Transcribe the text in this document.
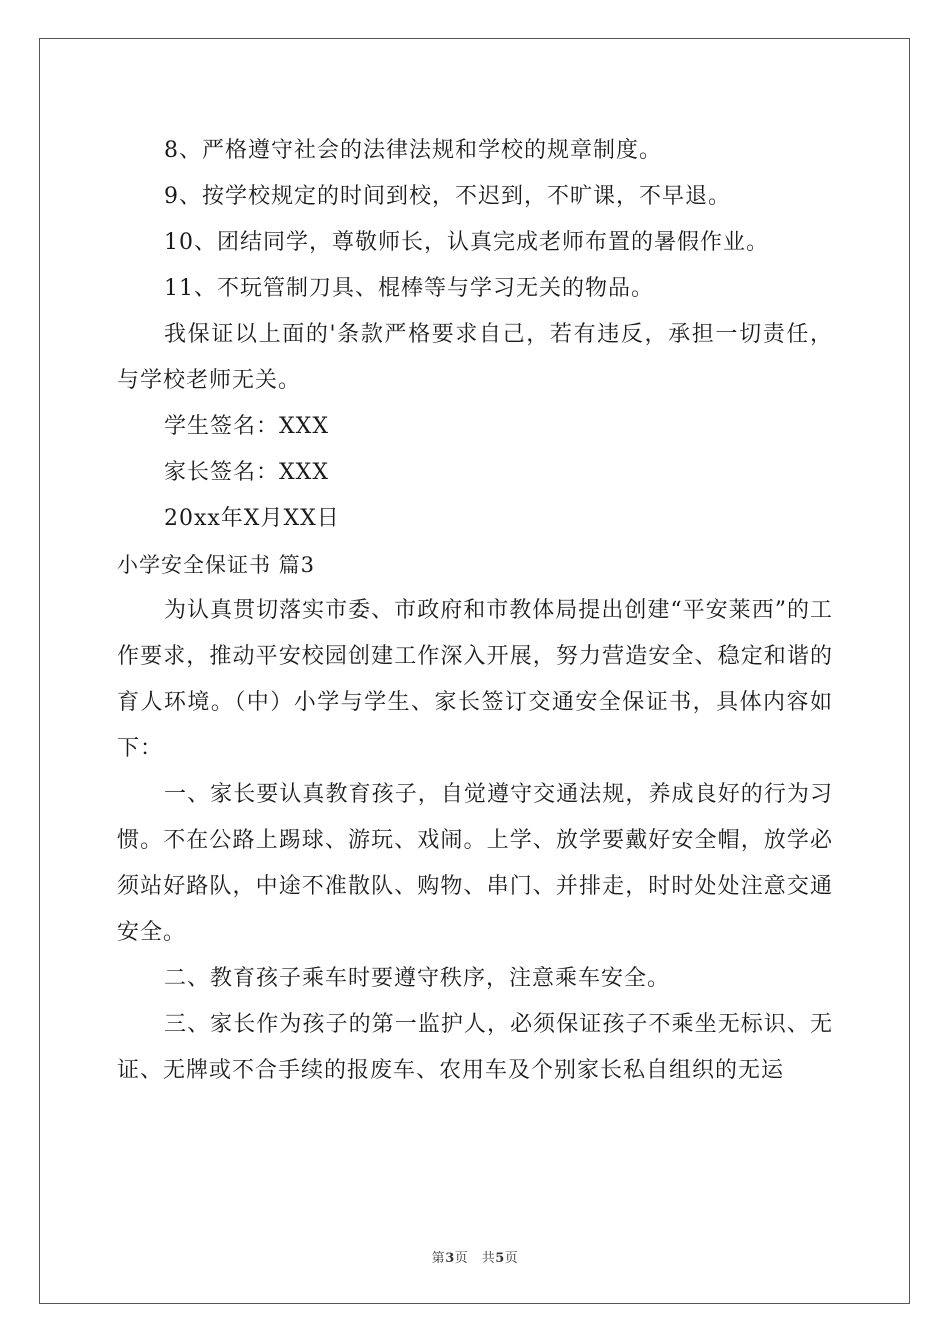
8、严格遵守社会的法律法规和学校的规章制度。

9、按学校规定的时间到校，不迟到，不旷课，不早退。

10、团结同学，尊敬师长，认真完成老师布置的暑假作业。

11、不玩管制刀具、棍棒等与学习无关的物品。

我保证以上面的'条款严格要求自己，若有违反，承担一切责任，与学校老师无关。

学生签名：XXX

家长签名：XXX

20xx年X月XX日

小学安全保证书 篇3

为认真贯切落实市委、市政府和市教体局提出创建“平安莱西”的工作要求，推动平安校园创建工作深入开展，努力营造安全、稳定和谐的育人环境。（中）小学与学生、家长签订交通安全保证书，具体内容如下：

一、家长要认真教育孩子，自觉遵守交通法规，养成良好的行为习惯。不在公路上踢球、游玩、戏闹。上学、放学要戴好安全帽，放学必须站好路队，中途不准散队、购物、串门、并排走，时时处处注意交通安全。

二、教育孩子乘车时要遵守秩序，注意乘车安全。

三、家长作为孩子的第一监护人，必须保证孩子不乘坐无标识、无证、无牌或不合手续的报废车、农用车及个别家长私自组织的无运

第3页　共5页
